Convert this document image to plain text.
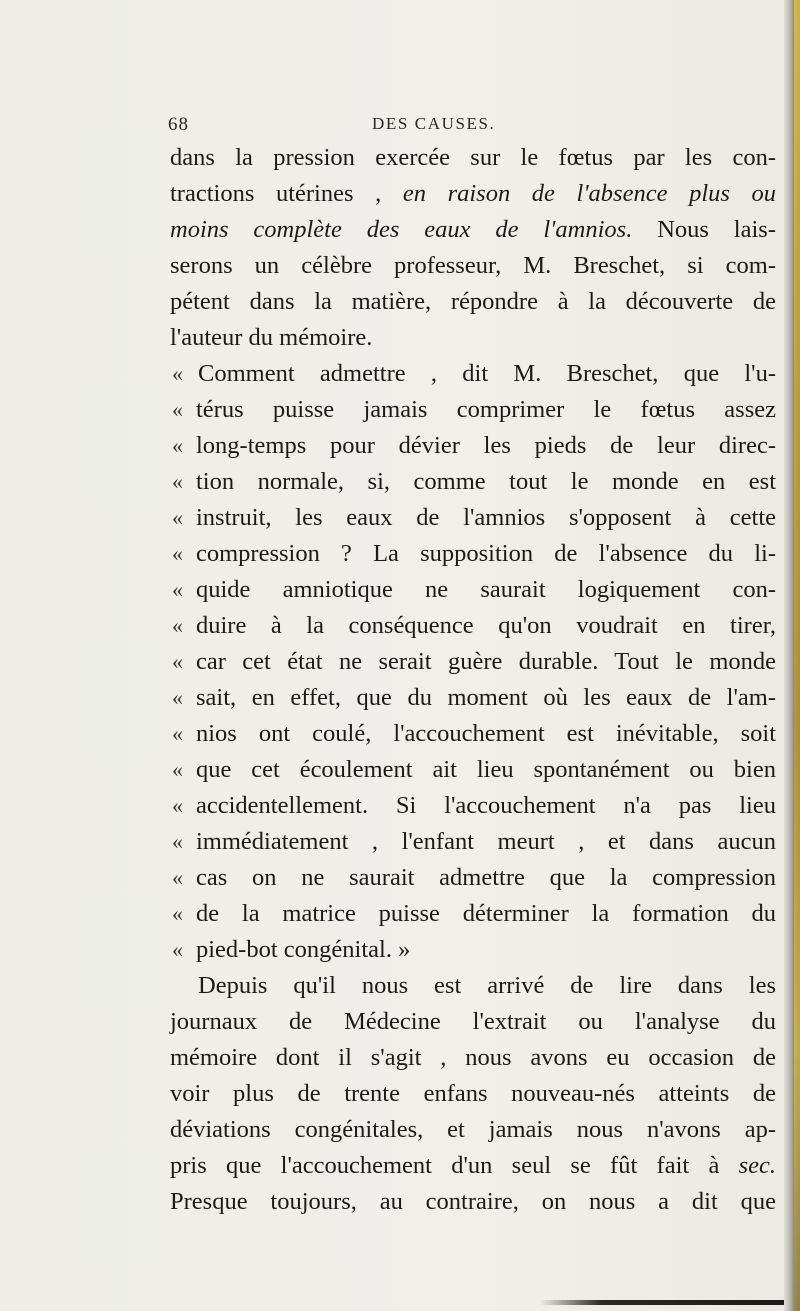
68	DES CAUSES.
dans la pression exercée sur le fœtus par les con-
tractions utérines , en raison de l'absence plus ou
moins complète des eaux de l'amnios. Nous lais-
serons un célèbre professeur, M. Breschet, si com-
pétent dans la matière, répondre à la découverte de
l'auteur du mémoire.
« Comment admettre , dit M. Breschet, que l'u-
« térus puisse jamais comprimer le fœtus assez
« long-temps pour dévier les pieds de leur direc-
« tion normale, si, comme tout le monde en est
« instruit, les eaux de l'amnios s'opposent à cette
« compression ? La supposition de l'absence du li-
« quide amniotique ne saurait logiquement con-
« duire à la conséquence qu'on voudrait en tirer,
« car cet état ne serait guère durable. Tout le monde
« sait, en effet, que du moment où les eaux de l'am-
« nios ont coulé, l'accouchement est inévitable, soit
« que cet écoulement ait lieu spontanément ou bien
« accidentellement. Si l'accouchement n'a pas lieu
« immédiatement , l'enfant meurt , et dans aucun
« cas on ne saurait admettre que la compression
« de la matrice puisse déterminer la formation du
« pied-bot congénital. »
Depuis qu'il nous est arrivé de lire dans les
journaux de Médecine l'extrait ou l'analyse du
mémoire dont il s'agit , nous avons eu occasion de
voir plus de trente enfans nouveau-nés atteints de
déviations congénitales, et jamais nous n'avons ap-
pris que l'accouchement d'un seul se fût fait à sec.
Presque toujours, au contraire, on nous a dit que
